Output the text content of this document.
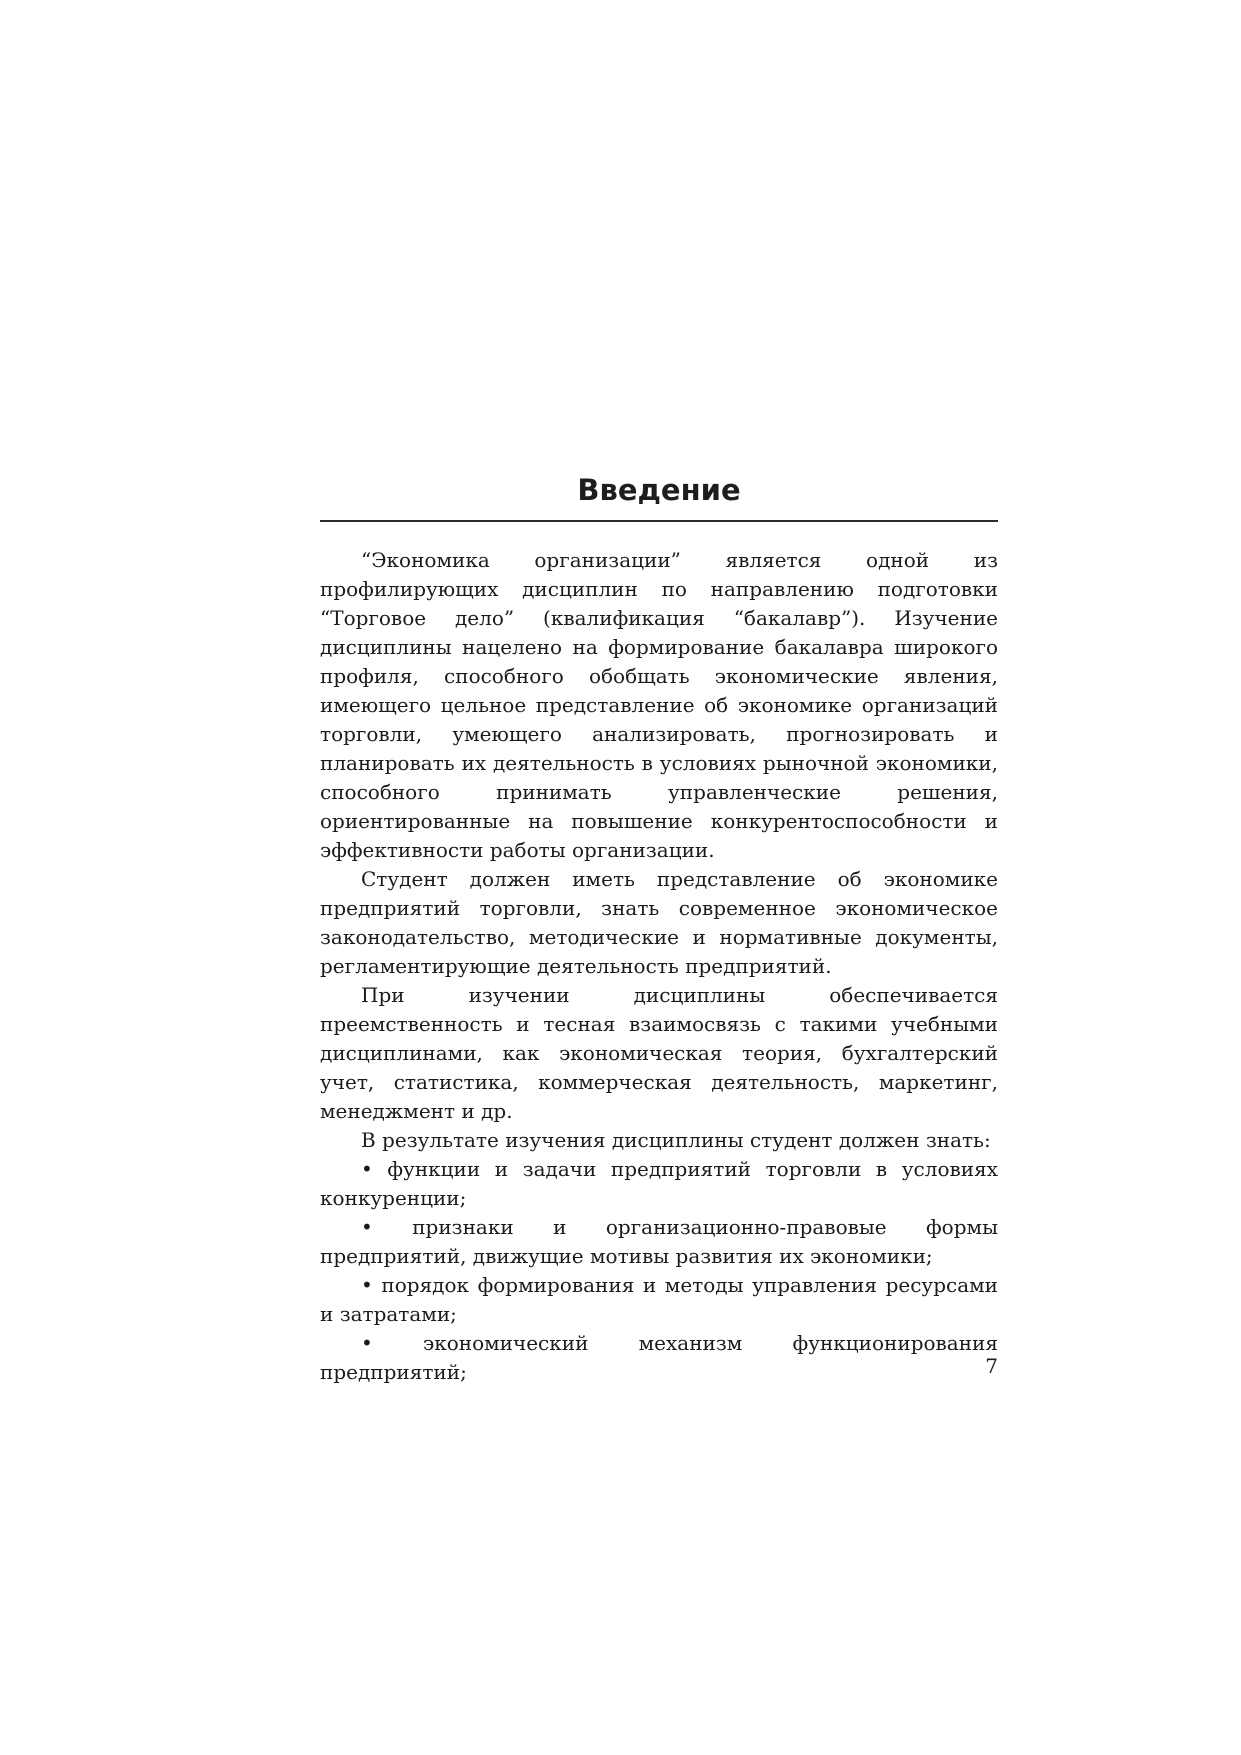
Введение

“Экономика организации” является одной из профилирующих дисциплин по направлению подготовки “Торговое дело” (квалификация “бакалавр”). Изучение дисциплины нацелено на формирование бакалавра широкого профиля, способного обобщать экономические явления, имеющего цельное представление об экономике организаций торговли, умеющего анализировать, прогнозировать и планировать их деятельность в условиях рыночной экономики, способного принимать управленческие решения, ориентированные на повышение конкурентоспособности и эффективности работы организации.

Студент должен иметь представление об экономике предприятий торговли, знать современное экономическое законодательство, методические и нормативные документы, регламентирующие деятельность предприятий.

При изучении дисциплины обеспечивается преемственность и тесная взаимосвязь с такими учебными дисциплинами, как экономическая теория, бухгалтерский учет, статистика, коммерческая деятельность, маркетинг, менеджмент и др.

В результате изучения дисциплины студент должен знать:

• функции и задачи предприятий торговли в условиях конкуренции;
• признаки и организационно-правовые формы предприятий, движущие мотивы развития их экономики;
• порядок формирования и методы управления ресурсами и затратами;
•	экономический механизм функционирования предприятий;	7
